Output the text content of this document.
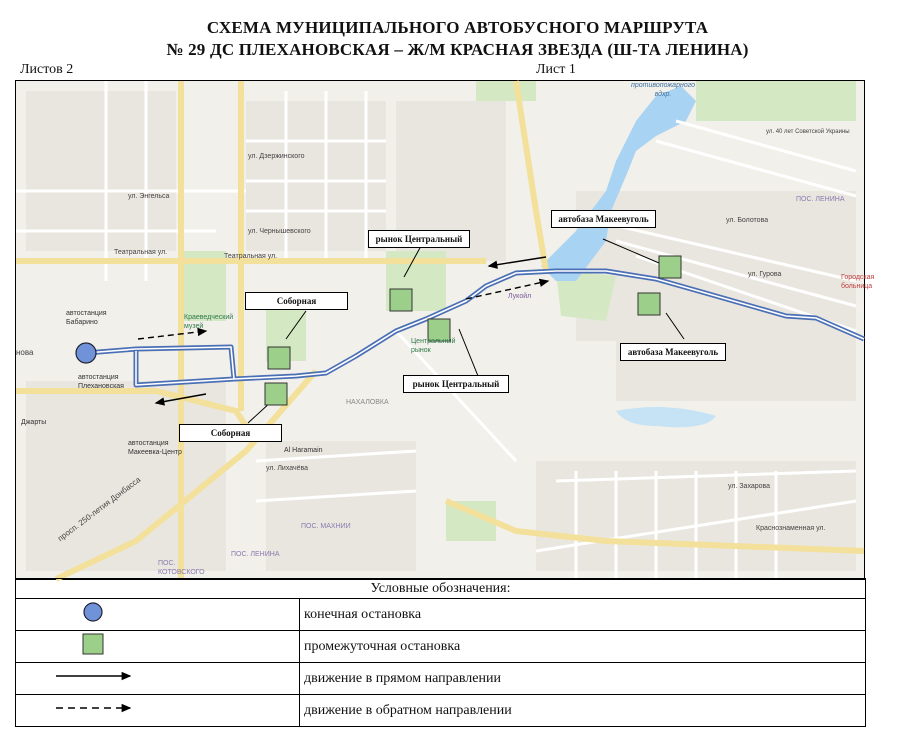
СХЕМА МУНИЦИПАЛЬНОГО АВТОБУСНОГО МАРШРУТА
№ 29 ДС ПЛЕХАНОВСКАЯ – Ж/М КРАСНАЯ ЗВЕЗДА (Ш-ТА ЛЕНИНА)
Листов 2	Лист 1
Соборная
Соборная
рынок Центральный
рынок Центральный
автобаза Макеевуголь
автобаза Макеевуголь
противопожарного вдхр.
автостанция Бабарино
автостанция Плехановская
автостанция Макеевка-Центр
Краеведческий музей
НАХАЛОВКА
ПОС. МАХНИИ
ПОС. ЛЕНИНА
ПОС. ЛЕНИНА
ПОС. КОТОВСКОГО
Лукойл
Al Haramain
Джарты
Центральный рынок
Городская больница
просп. 250-летия Донбасса
Театральная ул.
Театральная ул.
нова
ул. Энгельса
ул. Дзержинского
ул. Чернышевского
ул. Гурова
ул. Лихачёва
ул. Болотова
ул. Захарова
Краснознаменная ул.
ул. 40 лет Советской Украины
Условные обозначения:	
	конечная остановка
	промежуточная остановка
	движение в прямом направлении
	движение в обратном направлении
